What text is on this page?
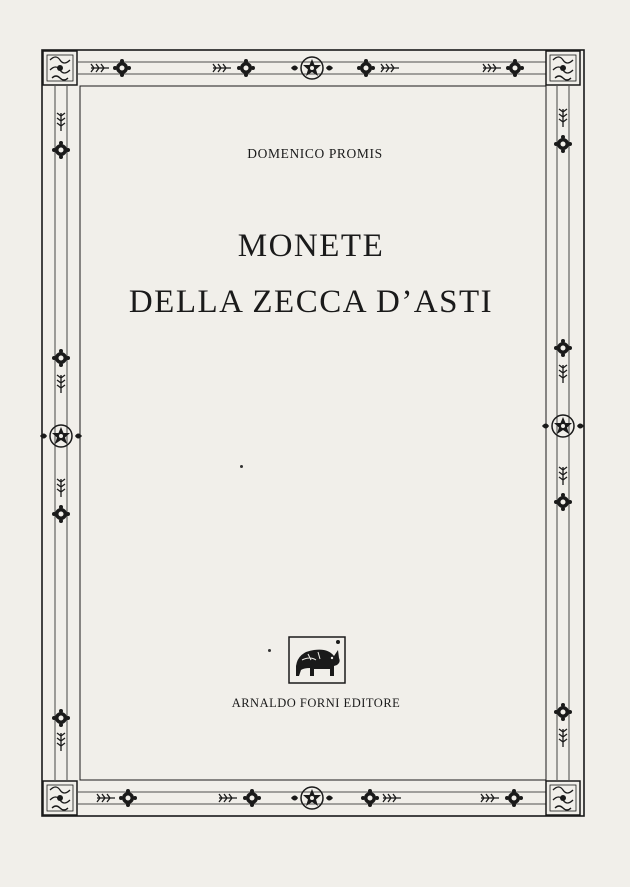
DOMENICO PROMIS
MONETE
DELLA ZECCA D’ASTI
ARNALDO FORNI EDITORE
